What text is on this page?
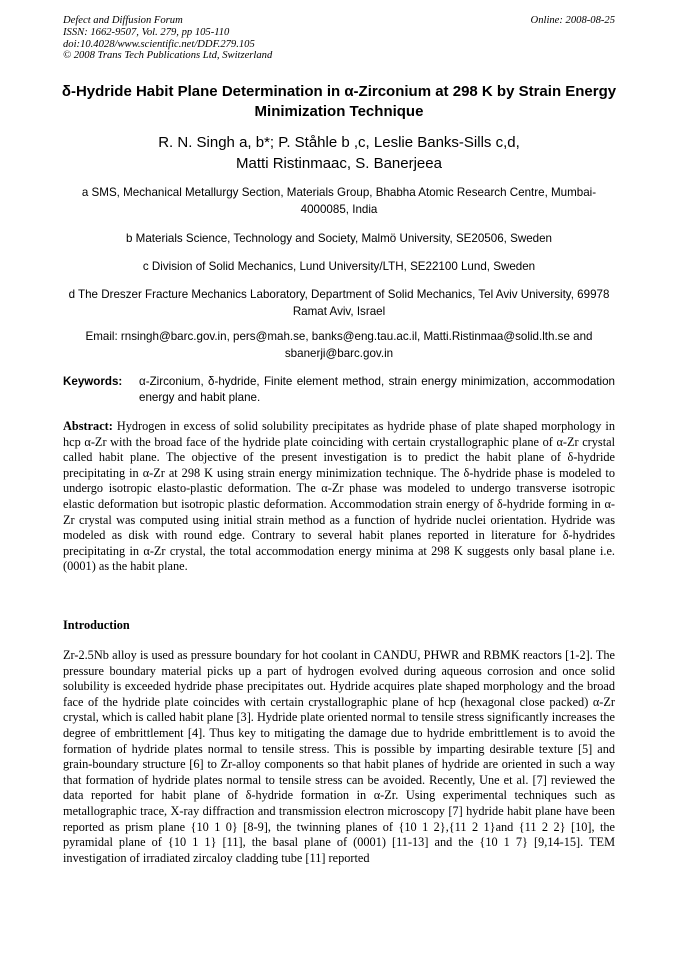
Defect and Diffusion Forum
ISSN: 1662-9507, Vol. 279, pp 105-110
doi:10.4028/www.scientific.net/DDF.279.105
© 2008 Trans Tech Publications Ltd, Switzerland
Online: 2008-08-25
δ-Hydride Habit Plane Determination in α-Zirconium at 298 K by Strain Energy Minimization Technique
R. N. Singh a, b*; P. Ståhle b ,c, Leslie Banks-Sills c,d,
Matti Ristinmaac, S. Banerjeea
a SMS, Mechanical Metallurgy Section, Materials Group, Bhabha Atomic Research Centre, Mumbai-4000085, India
b Materials Science, Technology and Society, Malmö University, SE20506, Sweden
c Division of Solid Mechanics, Lund University/LTH, SE22100 Lund, Sweden
d The Dreszer Fracture Mechanics Laboratory, Department of Solid Mechanics, Tel Aviv University, 69978 Ramat Aviv, Israel
Email: rnsingh@barc.gov.in, pers@mah.se, banks@eng.tau.ac.il, Matti.Ristinmaa@solid.lth.se and sbanerji@barc.gov.in
Keywords: α-Zirconium, δ-hydride, Finite element method, strain energy minimization, accommodation energy and habit plane.
Abstract: Hydrogen in excess of solid solubility precipitates as hydride phase of plate shaped morphology in hcp α-Zr with the broad face of the hydride plate coinciding with certain crystallographic plane of α-Zr crystal called habit plane. The objective of the present investigation is to predict the habit plane of δ-hydride precipitating in α-Zr at 298 K using strain energy minimization technique. The δ-hydride phase is modeled to undergo isotropic elasto-plastic deformation. The α-Zr phase was modeled to undergo transverse isotropic elastic deformation but isotropic plastic deformation. Accommodation strain energy of δ-hydride forming in α-Zr crystal was computed using initial strain method as a function of hydride nuclei orientation. Hydride was modeled as disk with round edge. Contrary to several habit planes reported in literature for δ-hydrides precipitating in α-Zr crystal, the total accommodation energy minima at 298 K suggests only basal plane i.e. (0001) as the habit plane.
Introduction

Zr-2.5Nb alloy is used as pressure boundary for hot coolant in CANDU, PHWR and RBMK reactors [1-2]. The pressure boundary material picks up a part of hydrogen evolved during aqueous corrosion and once solid solubility is exceeded hydride phase precipitates out. Hydride acquires plate shaped morphology and the broad face of the hydride plate coincides with certain crystallographic plane of hcp (hexagonal close packed) α-Zr crystal, which is called habit plane [3]. Hydride plate oriented normal to tensile stress significantly increases the degree of embrittlement [4]. Thus key to mitigating the damage due to hydride embrittlement is to avoid the formation of hydride plates normal to tensile stress. This is possible by imparting desirable texture [5] and grain-boundary structure [6] to Zr-alloy components so that habit planes of hydride are oriented in such a way that formation of hydride plates normal to tensile stress can be avoided. Recently, Une et al. [7] reviewed the data reported for habit plane of δ-hydride formation in α-Zr. Using experimental techniques such as metallographic trace, X-ray diffraction and transmission electron microscopy [7] hydride habit plane have been reported as prism plane {10 1 0} [8-9], the twinning planes of {10 1 2},{11 2 1}and {11 2 2} [10], the pyramidal plane of {10 1 1} [11], the basal plane of (0001) [11-13] and the {10 1 7} [9,14-15]. TEM investigation of irradiated zircaloy cladding tube [11] reported
